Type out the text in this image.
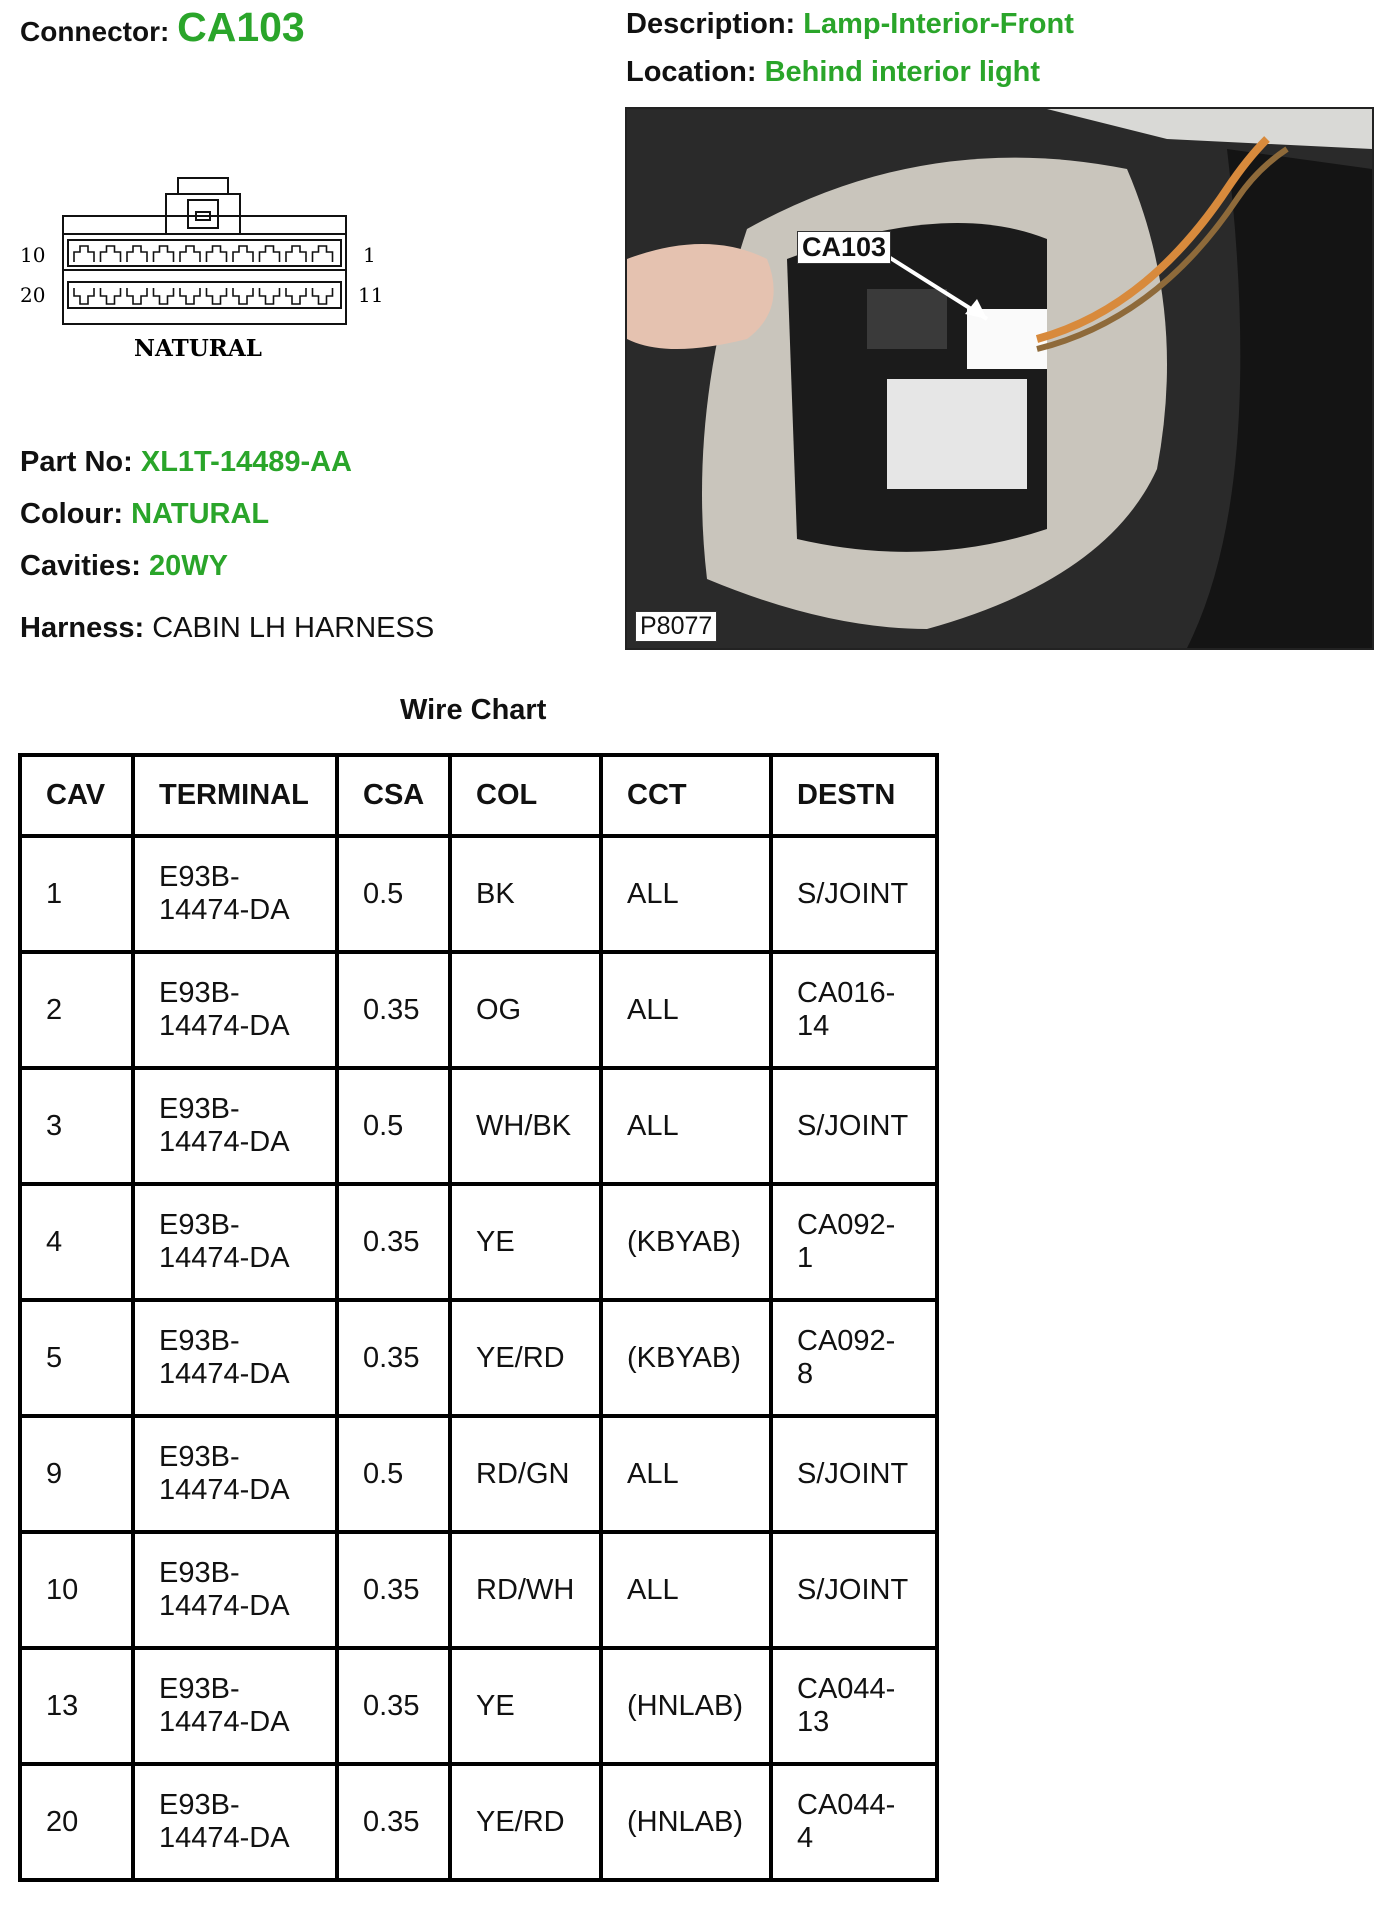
Connector: CA103	Description: Lamp-Interior-Front
Location: Behind interior light
10	1
20	11
NATURAL
CA103
P8077
Part No: XL1T-14489-AA
Colour: NATURAL
Cavities: 20WY
Harness: CABIN LH HARNESS
Wire Chart
CAV	TERMINAL	CSA	COL	CCT	DESTN
1	E93B-
14474-DA	0.5	BK	ALL	S/JOINT
2	E93B-
14474-DA	0.35	OG	ALL	CA016-
14
3	E93B-
14474-DA	0.5	WH/BK	ALL	S/JOINT
4	E93B-
14474-DA	0.35	YE	(KBYAB)	CA092-
1
5	E93B-
14474-DA	0.35	YE/RD	(KBYAB)	CA092-
8
9	E93B-
14474-DA	0.5	RD/GN	ALL	S/JOINT
10	E93B-
14474-DA	0.35	RD/WH	ALL	S/JOINT
13	E93B-
14474-DA	0.35	YE	(HNLAB)	CA044-
13
20	E93B-
14474-DA	0.35	YE/RD	(HNLAB)	CA044-
4
